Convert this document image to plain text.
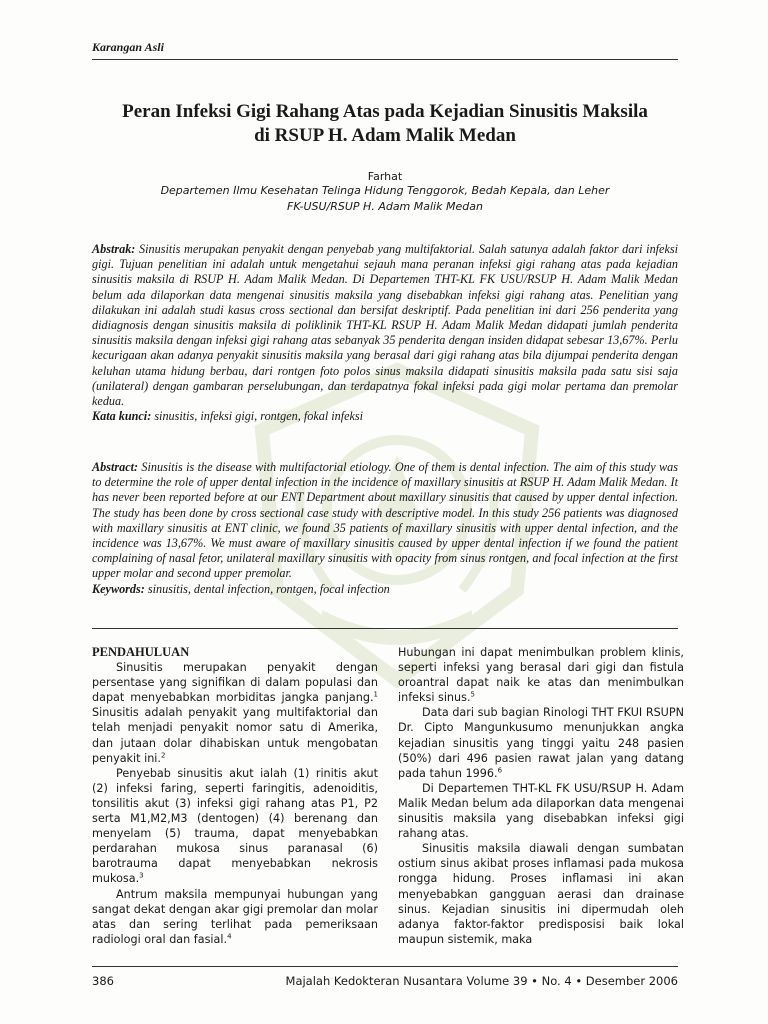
Karangan Asli
Peran Infeksi Gigi Rahang Atas pada Kejadian Sinusitis Maksila
di RSUP H. Adam Malik Medan
Farhat
Departemen Ilmu Kesehatan Telinga Hidung Tenggorok, Bedah Kepala, dan Leher
FK-USU/RSUP H. Adam Malik Medan
Abstrak: Sinusitis merupakan penyakit dengan penyebab yang multifaktorial. Salah satunya adalah faktor dari infeksi gigi. Tujuan penelitian ini adalah untuk mengetahui sejauh mana peranan infeksi gigi rahang atas pada kejadian sinusitis maksila di RSUP H. Adam Malik Medan. Di Departemen THT-KL FK USU/RSUP H. Adam Malik Medan belum ada dilaporkan data mengenai sinusitis maksila yang disebabkan infeksi gigi rahang atas. Penelitian yang dilakukan ini adalah studi kasus cross sectional dan bersifat deskriptif. Pada penelitian ini dari 256 penderita yang didiagnosis dengan sinusitis maksila di poliklinik THT-KL RSUP H. Adam Malik Medan didapati jumlah penderita sinusitis maksila dengan infeksi gigi rahang atas sebanyak 35 penderita dengan insiden didapat sebesar 13,67%. Perlu kecurigaan akan adanya penyakit sinusitis maksila yang berasal dari gigi rahang atas bila dijumpai penderita dengan keluhan utama hidung berbau, dari rontgen foto polos sinus maksila didapati sinusitis maksila pada satu sisi saja (unilateral) dengan gambaran perselubungan, dan terdapatnya fokal infeksi pada gigi molar pertama dan premolar kedua.
Kata kunci: sinusitis, infeksi gigi, rontgen, fokal infeksi
Abstract: Sinusitis is the disease with multifactorial etiology. One of them is dental infection. The aim of this study was to determine the role of upper dental infection in the incidence of maxillary sinusitis at RSUP H. Adam Malik Medan. It has never been reported before at our ENT Department about maxillary sinusitis that caused by upper dental infection. The study has been done by cross sectional case study with descriptive model. In this study 256 patients was diagnosed with maxillary sinusitis at ENT clinic, we found 35 patients of maxillary sinusitis with upper dental infection, and the incidence was 13,67%. We must aware of maxillary sinusitis caused by upper dental infection if we found the patient complaining of nasal fetor, unilateral maxillary sinusitis with opacity from sinus rontgen, and focal infection at the first upper molar and second upper premolar.
Keywords: sinusitis, dental infection, rontgen, focal infection

PENDAHULUAN

Sinusitis merupakan penyakit dengan persentase yang signifikan di dalam populasi dan dapat menyebabkan morbiditas jangka panjang.$^1$ Sinusitis adalah penyakit yang multifaktorial dan telah menjadi penyakit nomor satu di Amerika, dan jutaan dolar dihabiskan untuk mengobatan penyakit ini.$^2$

Penyebab sinusitis akut ialah (1) rinitis akut (2) infeksi faring, seperti faringitis, adenoiditis, tonsilitis akut (3) infeksi gigi rahang atas P1, P2 serta M1,M2,M3 (dentogen) (4) berenang dan menyelam (5) trauma, dapat menyebabkan perdarahan mukosa sinus paranasal (6) barotrauma dapat menyebabkan nekrosis mukosa.$^3$

Antrum maksila mempunyai hubungan yang sangat dekat dengan akar gigi premolar dan molar atas dan sering terlihat pada pemeriksaan radiologi oral dan fasial.$^4$

Hubungan ini dapat menimbulkan problem klinis, seperti infeksi yang berasal dari gigi dan fistula oroantral dapat naik ke atas dan menimbulkan infeksi sinus.$^5$

Data dari sub bagian Rinologi THT FKUI RSUPN Dr. Cipto Mangunkusumo menunjukkan angka kejadian sinusitis yang tinggi yaitu 248 pasien (50%) dari 496 pasien rawat jalan yang datang pada tahun 1996.$^6$

Di Departemen THT-KL FK USU/RSUP H. Adam Malik Medan belum ada dilaporkan data mengenai sinusitis maksila yang disebabkan infeksi gigi rahang atas.

Sinusitis maksila diawali dengan sumbatan ostium sinus akibat proses inflamasi pada mukosa rongga hidung. Proses inflamasi ini akan menyebabkan gangguan aerasi dan drainase sinus. Kejadian sinusitis ini dipermudah oleh adanya faktor-faktor predisposisi baik lokal maupun sistemik, maka

386	Majalah Kedokteran Nusantara Volume 39 • No. 4 • Desember 2006
